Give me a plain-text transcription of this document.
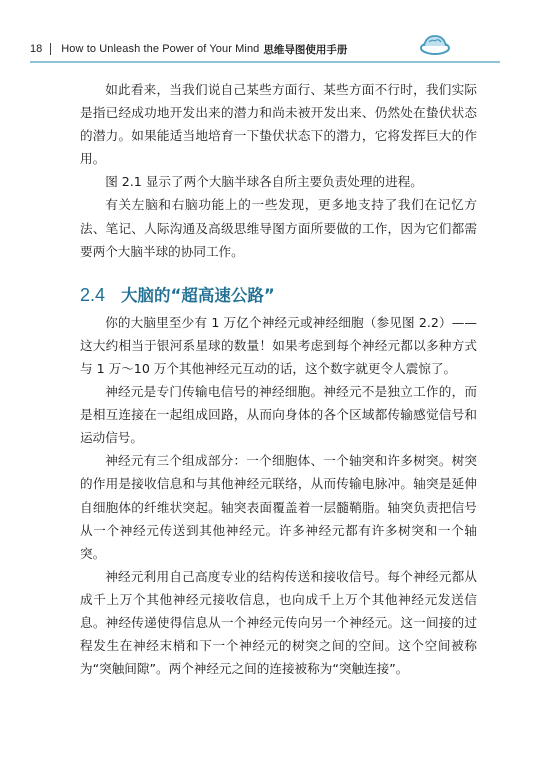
18 How to Unleash the Power of Your Mind 思维导图使用手册

如此看来，当我们说自己某些方面行、某些方面不行时，我们实际是指已经成功地开发出来的潜力和尚未被开发出来、仍然处在蛰伏状态的潜力。如果能适当地培育一下蛰伏状态下的潜力，它将发挥巨大的作用。

图 2.1 显示了两个大脑半球各自所主要负责处理的进程。

有关左脑和右脑功能上的一些发现，更多地支持了我们在记忆方法、笔记、人际沟通及高级思维导图方面所要做的工作，因为它们都需要两个大脑半球的协同工作。

2.4 大脑的“超高速公路”

你的大脑里至少有 1 万亿个神经元或神经细胞（参见图 2.2）——这大约相当于银河系星球的数量！如果考虑到每个神经元都以多种方式与 1 万～10 万个其他神经元互动的话，这个数字就更令人震惊了。

神经元是专门传输电信号的神经细胞。神经元不是独立工作的，而是相互连接在一起组成回路，从而向身体的各个区域都传输感觉信号和运动信号。

神经元有三个组成部分：一个细胞体、一个轴突和许多树突。树突的作用是接收信息和与其他神经元联络，从而传输电脉冲。轴突是延伸自细胞体的纤维状突起。轴突表面覆盖着一层髓鞘脂。轴突负责把信号从一个神经元传送到其他神经元。许多神经元都有许多树突和一个轴突。

神经元利用自己高度专业的结构传送和接收信号。每个神经元都从成千上万个其他神经元接收信息，也向成千上万个其他神经元发送信息。神经传递使得信息从一个神经元传向另一个神经元。这一间接的过程发生在神经末梢和下一个神经元的树突之间的空间。这个空间被称为“突触间隙”。两个神经元之间的连接被称为“突触连接”。
